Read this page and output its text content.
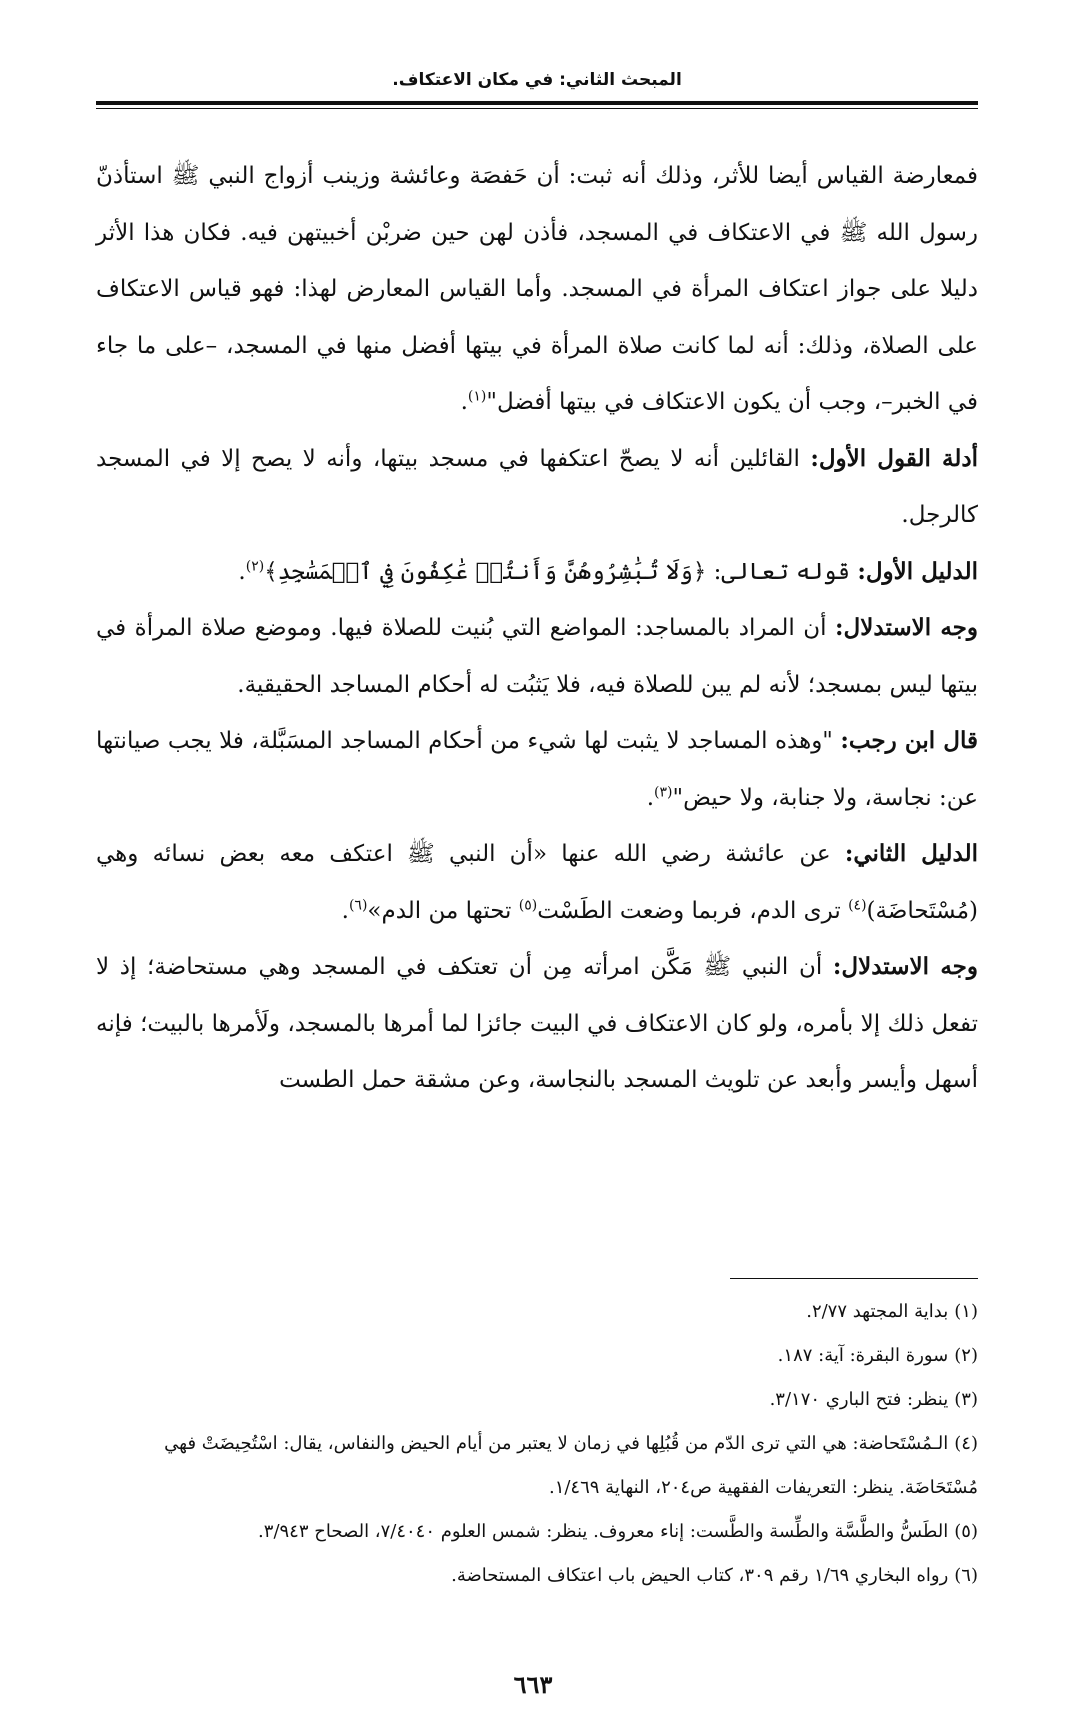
المبحث الثاني: في مكان الاعتكاف.

فمعارضة القياس أيضا للأثر، وذلك أنه ثبت: أن حَفصَة وعائشة وزينب أزواج النبي ﷺ استأذنّ رسول الله ﷺ في الاعتكاف في المسجد، فأذن لهن حين ضربْن أخبيتهن فيه. فكان هذا الأثر دليلا على جواز اعتكاف المرأة في المسجد. وأما القياس المعارض لهذا: فهو قياس الاعتكاف على الصلاة، وذلك: أنه لما كانت صلاة المرأة في بيتها أفضل منها في المسجد، –على ما جاء في الخبر–، وجب أن يكون الاعتكاف في بيتها أفضل"$^{(١)}$.

أدلة القول الأول: القائلين أنه لا يصحّ اعتكفها في مسجد بيتها، وأنه لا يصح إلا في المسجد كالرجل.

الدليل الأول: قوله تعالى: ﴿وَلَا تُبَٰشِرُوهُنَّ وَأَنتُمۡ عَٰكِفُونَ فِي ٱلۡمَسَٰجِدِ﴾$^{(٢)}$.

وجه الاستدلال: أن المراد بالمساجد: المواضع التي بُنيت للصلاة فيها. وموضع صلاة المرأة في بيتها ليس بمسجد؛ لأنه لم يبن للصلاة فيه، فلا يَثبُت له أحكام المساجد الحقيقية.

قال ابن رجب: "وهذه المساجد لا يثبت لها شيء من أحكام المساجد المسَبَّلة، فلا يجب صيانتها عن: نجاسة، ولا جنابة، ولا حيض"$^{(٣)}$.

الدليل الثاني: عن عائشة رضي الله عنها «أن النبي ﷺ اعتكف معه بعض نسائه وهي (مُسْتَحاضَة)$^{(٤)}$ ترى الدم، فربما وضعت الطَسْت$^{(٥)}$ تحتها من الدم»$^{(٦)}$.

وجه الاستدلال: أن النبي ﷺ مَكَّن امرأته مِن أن تعتكف في المسجد وهي مستحاضة؛ إذ لا تفعل ذلك إلا بأمره، ولو كان الاعتكاف في البيت جائزا لما أمرها بالمسجد، ولَأمرها بالبيت؛ فإنه أسهل وأيسر وأبعد عن تلويث المسجد بالنجاسة، وعن مشقة حمل الطست

(١)بداية المجتهد ٢/٧٧.

(٢)سورة البقرة: آية: ١٨٧.

(٣)ينظر: فتح الباري ٣/١٧٠.

(٤)الـمُسْتَحاضة: هي التي ترى الدّم من قُبُلِها في زمان لا يعتبر من أيام الحيض والنفاس، يقال: اسْتُحِيضَتْ فهي مُسْتَحَاضَة. ينظر: التعريفات الفقهية ص٢٠٤، النهاية ١/٤٦٩.

(٥)الطَسُّ والطَّسَّة والطِّسة والطَّست: إناء معروف. ينظر: شمس العلوم ٧/٤٠٤٠، الصحاح ٣/٩٤٣.

(٦)رواه البخاري ١/٦٩ رقم ٣٠٩، كتاب الحيض باب اعتكاف المستحاضة.

٦٦٣
